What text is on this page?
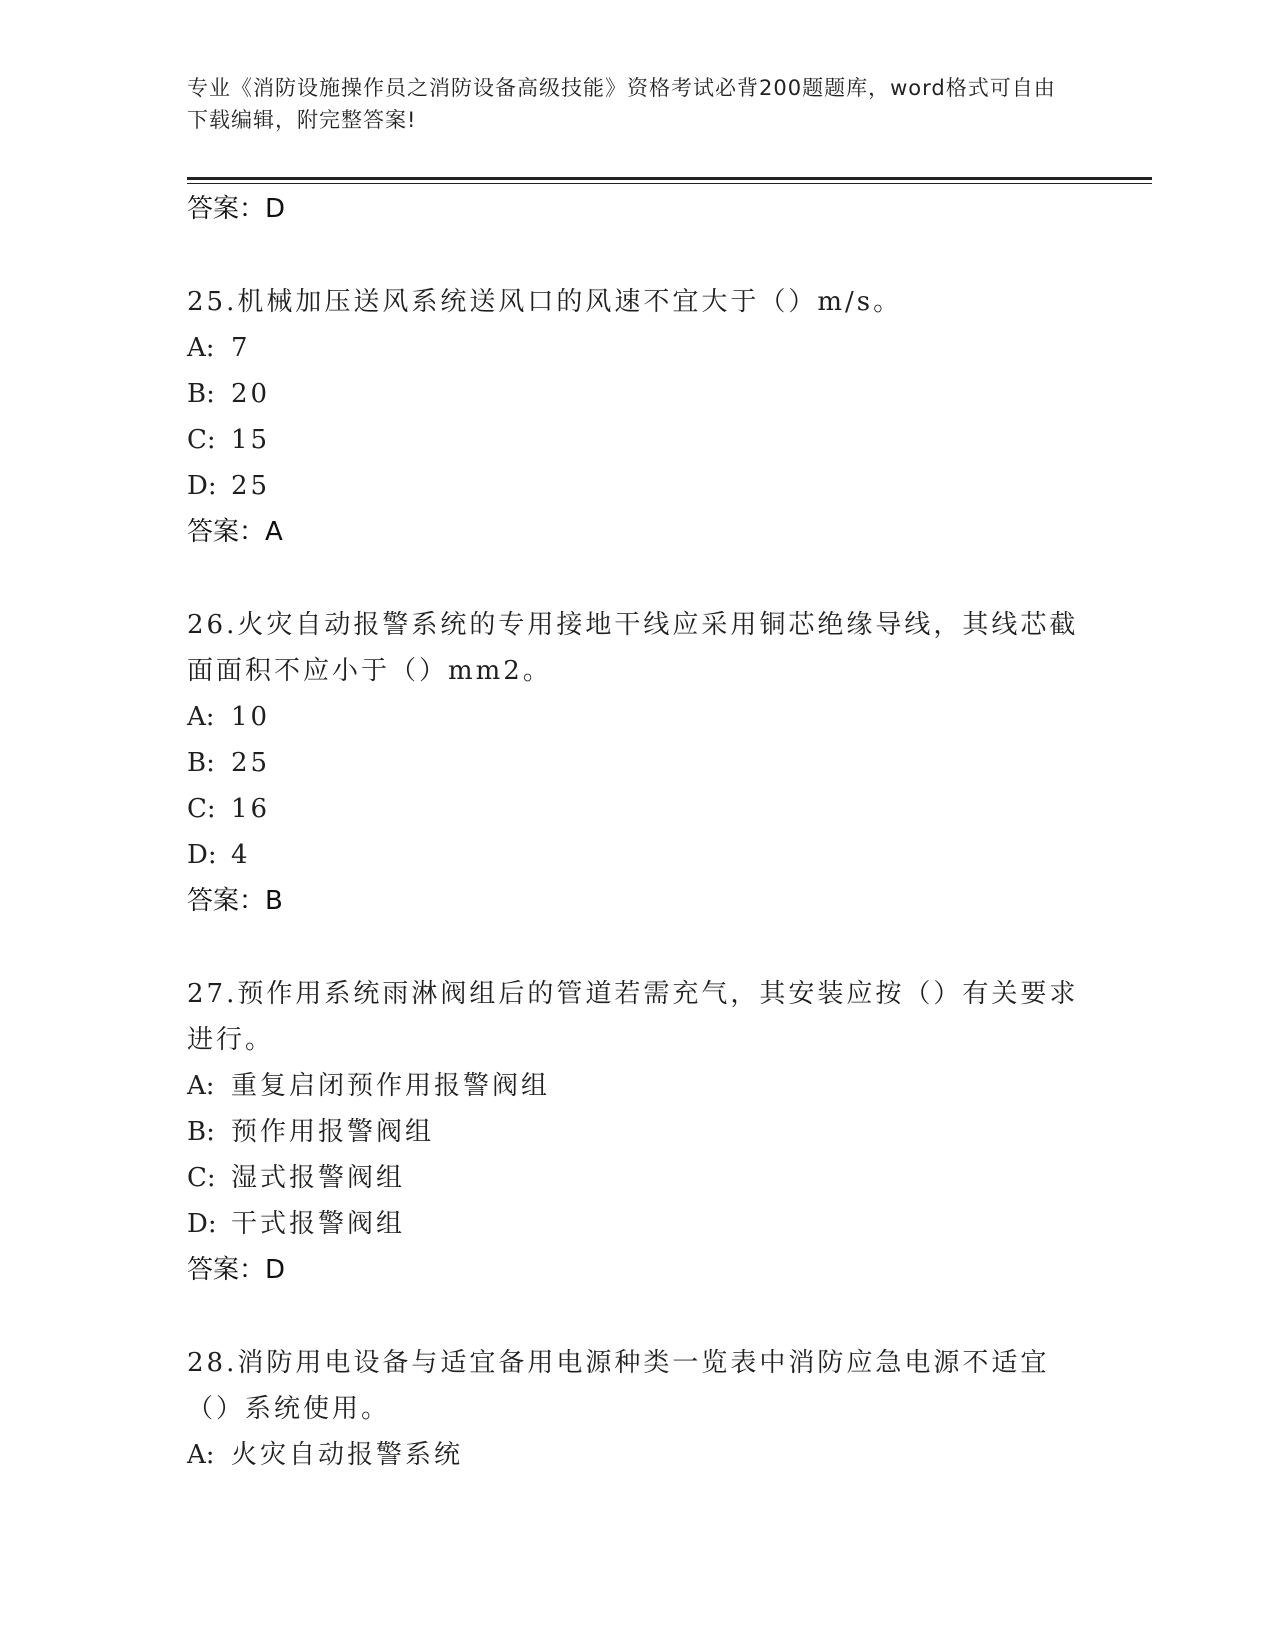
专业《消防设施操作员之消防设备高级技能》资格考试必背200题题库，word格式可自由下载编辑，附完整答案!
答案：D
25.机械加压送风系统送风口的风速不宜大于（）m/s。
A: 7
B: 20
C: 15
D: 25
答案：A
26.火灾自动报警系统的专用接地干线应采用铜芯绝缘导线，其线芯截面面积不应小于（）mm2。
A: 10
B: 25
C: 16
D: 4
答案：B
27.预作用系统雨淋阀组后的管道若需充气，其安装应按（）有关要求进行。
A: 重复启闭预作用报警阀组
B: 预作用报警阀组
C: 湿式报警阀组
D: 干式报警阀组
答案：D
28.消防用电设备与适宜备用电源种类一览表中消防应急电源不适宜（）系统使用。
A: 火灾自动报警系统
